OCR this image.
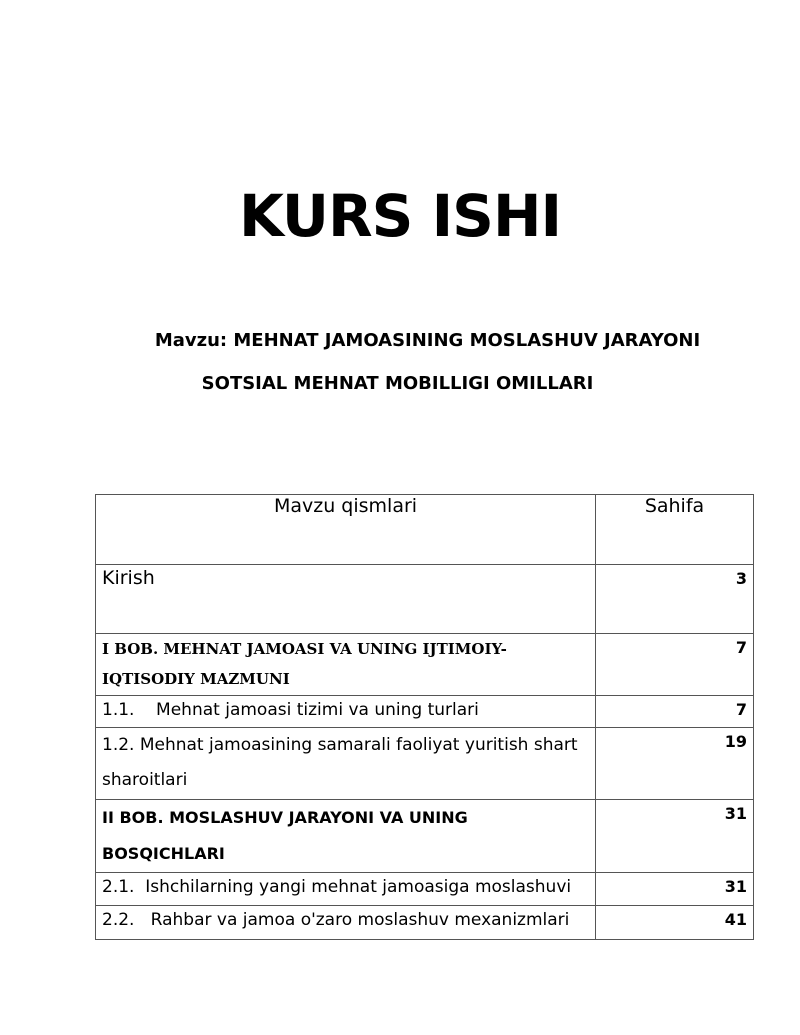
KURS ISHI
Mavzu: MEHNAT JAMOASINING MOSLASHUV JARAYONI
SOTSIAL MEHNAT MOBILLIGI OMILLARI
Mavzu qismlari	Sahifa
Kirish	3
I BOB. MEHNAT JAMOASI VA UNING IJTIMOIY-IQTISODIY MAZMUNI	7
1.1.    Mehnat jamoasi tizimi va uning turlari	7
1.2. Mehnat jamoasining samarali faoliyat yuritish shart sharoitlari	19
II BOB. MOSLASHUV JARAYONI VA UNING BOSQICHLARI	31
2.1.  Ishchilarning yangi mehnat jamoasiga moslashuvi	31
2.2.   Rahbar va jamoa o'zaro moslashuv mexanizmlari	41
